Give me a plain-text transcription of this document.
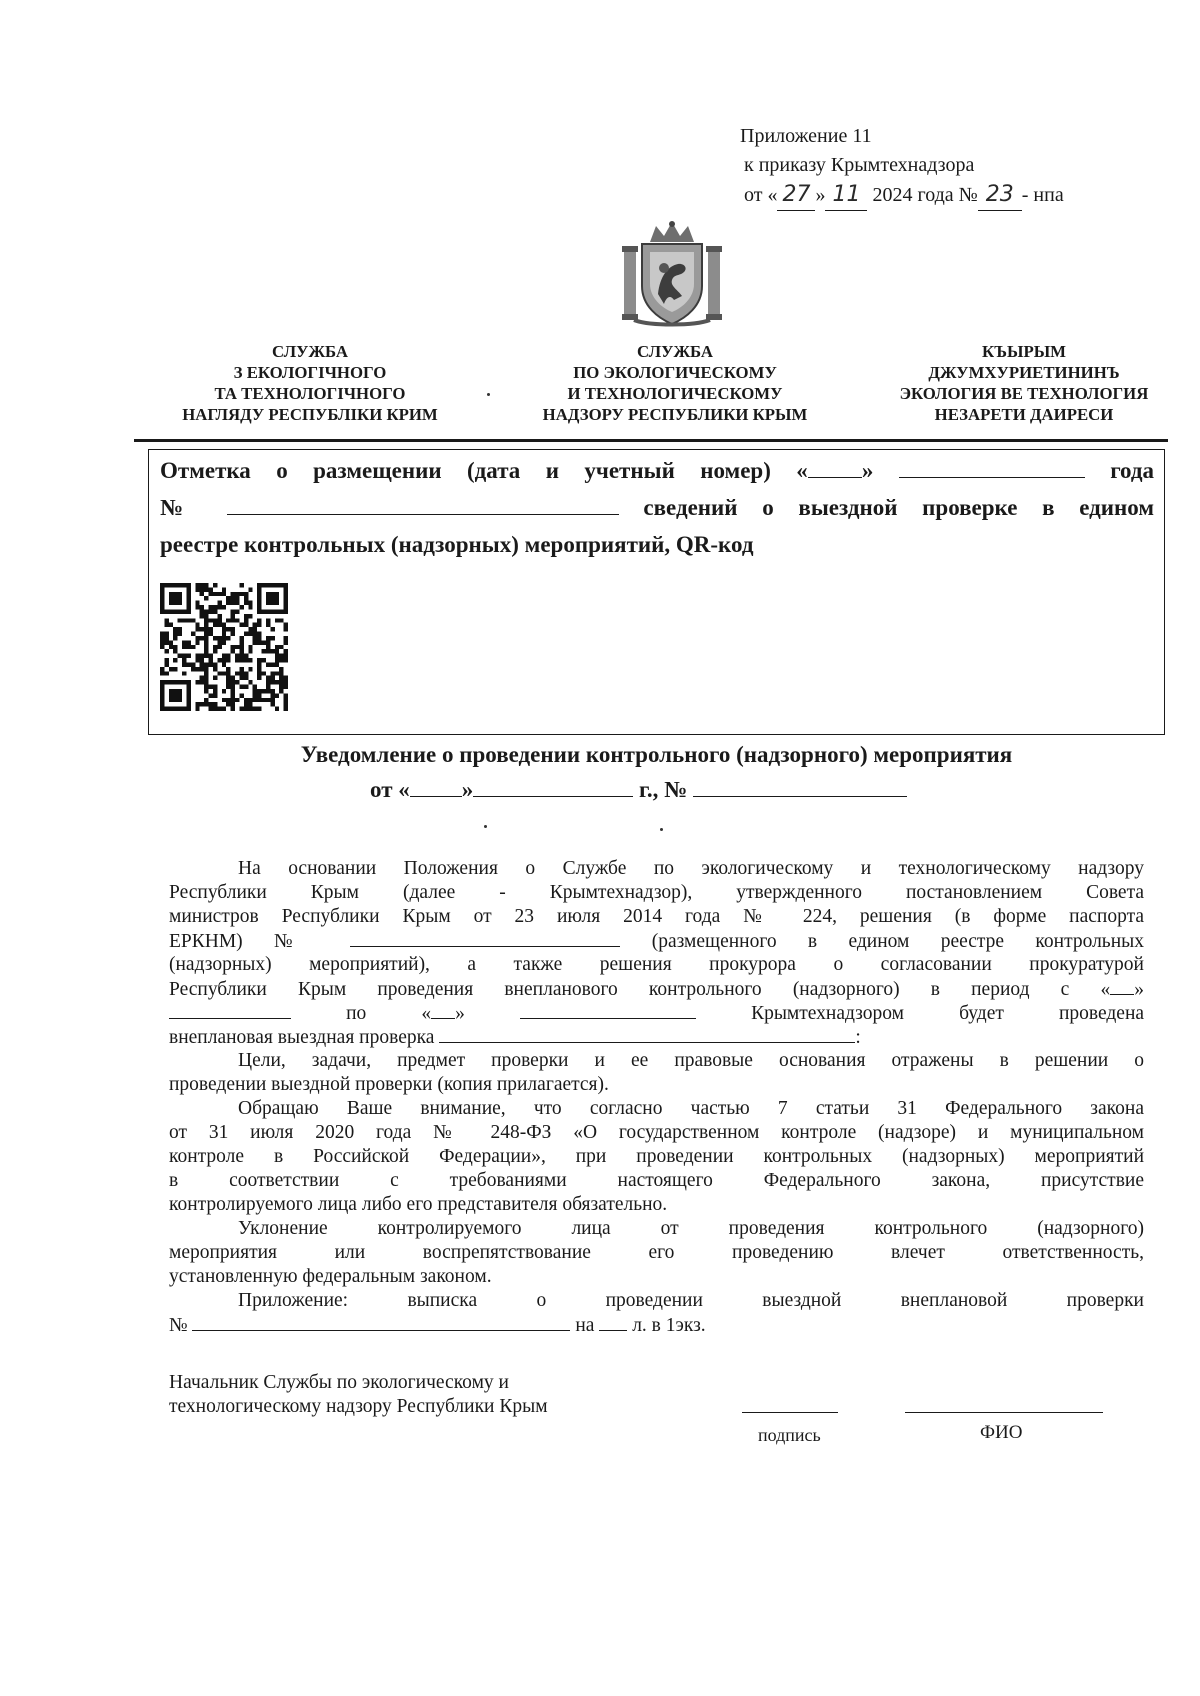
Приложение 11
к приказу Крымтехнадзора
от « 27 » 11 2024 года № 23 - нпа
СЛУЖБА
З ЕКОЛОГІЧНОГО
ТА ТЕХНОЛОГІЧНОГО
НАГЛЯДУ РЕСПУБЛІКИ КРИМ
СЛУЖБА
ПО ЭКОЛОГИЧЕСКОМУ
И ТЕХНОЛОГИЧЕСКОМУ
НАДЗОРУ РЕСПУБЛИКИ КРЫМ
КЪЫРЫМ
ДЖУМХУРИЕТИНИНЪ
ЭКОЛОГИЯ ВЕ ТЕХНОЛОГИЯ
НЕЗАРЕТИ ДАИРЕСИ
Отметка о размещении (дата и учетный номер) « »	года
№	сведений о выездной проверке в едином
реестре контрольных (надзорных) мероприятий, QR-код
Уведомление о проведении контрольного (надзорного) мероприятия
от « »	г., №
На основании Положения о Службе по экологическому и технологическому надзору
Республики Крым (далее - Крымтехнадзор), утвержденного постановлением Совета
министров Республики Крым от 23 июля 2014 года № 224, решения (в форме паспорта
ЕРКНМ) №	(размещенного в едином реестре контрольных
(надзорных) мероприятий), а также решения прокурора о согласовании прокуратурой
Республики Крым проведения внепланового контрольного (надзорного) в период с « »
по « »	Крымтехнадзором будет проведена
внеплановая выездная проверка	:
Цели, задачи, предмет проверки и ее правовые основания отражены в решении о
проведении выездной проверки (копия прилагается).
Обращаю Ваше внимание, что согласно частью 7 статьи 31 Федерального закона
от 31 июля 2020 года № 248-ФЗ «О государственном контроле (надзоре) и муниципальном
контроле в Российской Федерации», при проведении контрольных (надзорных) мероприятий
в соответствии с требованиями настоящего Федерального закона, присутствие
контролируемого лица либо его представителя обязательно.
Уклонение контролируемого лица от проведения контрольного (надзорного)
мероприятия или воспрепятствование его проведению влечет ответственность,
установленную федеральным законом.
Приложение: выписка о проведении выездной внеплановой проверки
№	на л. в 1экз.
Начальник Службы по экологическому и
технологическому надзору Республики Крым
подпись	ФИО
